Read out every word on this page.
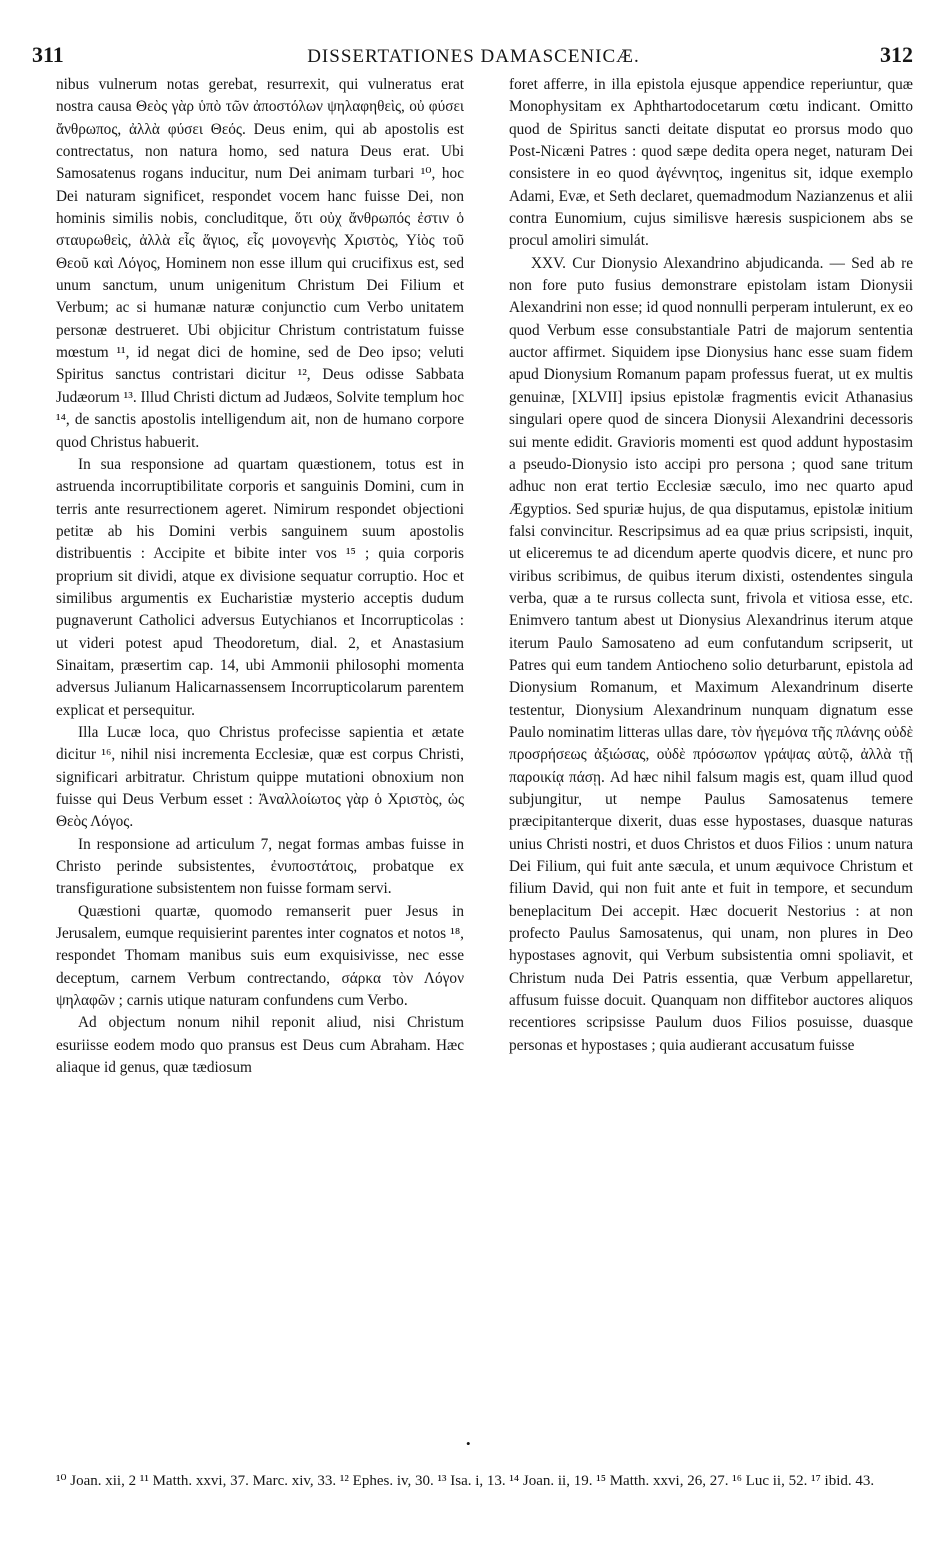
311	DISSERTATIONES DAMASCENICÆ.	312

nibus vulnerum notas gerebat, resurrexit, qui vulneratus erat nostra causa Θεὸς γὰρ ὑπὸ τῶν ἀποστόλων ψηλαφηθεὶς, οὐ φύσει ἄνθρωπος, ἀλλὰ φύσει Θεός. Deus enim, qui ab apostolis est contrectatus, non natura homo, sed natura Deus erat. Ubi Samosatenus rogans inducitur, num Dei animam turbari ¹⁰, hoc Dei naturam significet, respondet vocem hanc fuisse Dei, non hominis similis nobis, concluditque, ὅτι οὐχ ἄνθρωπός ἐστιν ὁ σταυρωθεὶς, ἀλλὰ εἷς ἅγιος, εἷς μονογενὴς Χριστὸς, Υἱὸς τοῦ Θεοῦ καὶ Λόγος, Hominem non esse illum qui crucifixus est, sed unum sanctum, unum unigenitum Christum Dei Filium et Verbum; ac si humanæ naturæ conjunctio cum Verbo unitatem personæ destrueret. Ubi objicitur Christum contristatum fuisse mœstum ¹¹, id negat dici de homine, sed de Deo ipso; veluti Spiritus sanctus contristari dicitur ¹², Deus odisse Sabbata Judæorum ¹³. Illud Christi dictum ad Judæos, Solvite templum hoc ¹⁴, de sanctis apostolis intelligendum ait, non de humano corpore quod Christus habuerit.

In sua responsione ad quartam quæstionem, totus est in astruenda incorruptibilitate corporis et sanguinis Domini, cum in terris ante resurrectionem ageret. Nimirum respondet objectioni petitæ ab his Domini verbis sanguinem suum apostolis distribuentis : Accipite et bibite inter vos ¹⁵ ; quia corporis proprium sit dividi, atque ex divisione sequatur corruptio. Hoc et similibus argumentis ex Eucharistiæ mysterio acceptis dudum pugnaverunt Catholici adversus Eutychianos et Incorrupticolas : ut videri potest apud Theodoretum, dial. 2, et Anastasium Sinaitam, præsertim cap. 14, ubi Ammonii philosophi momenta adversus Julianum Halicarnassensem Incorrupticolarum parentem explicat et persequitur.

Illa Lucæ loca, quo Christus profecisse sapientia et ætate dicitur ¹⁶, nihil nisi incrementa Ecclesiæ, quæ est corpus Christi, significari arbitratur. Christum quippe mutationi obnoxium non fuisse qui Deus Verbum esset : Ἀναλλοίωτος γὰρ ὁ Χριστὸς, ὡς Θεὸς Λόγος.

In responsione ad articulum 7, negat formas ambas fuisse in Christo perinde subsistentes, ἐνυποστάτοις, probatque ex transfiguratione subsistentem non fuisse formam servi.

Quæstioni quartæ, quomodo remanserit puer Jesus in Jerusalem, eumque requisierint parentes inter cognatos et notos ¹⁸, respondet Thomam manibus suis eum exquisivisse, nec esse deceptum, carnem Verbum contrectando, σάρκα τὸν Λόγον ψηλαφῶν ; carnis utique naturam confundens cum Verbo.

Ad objectum nonum nihil reponit aliud, nisi Christum esuriisse eodem modo quo pransus est Deus cum Abraham. Hæc aliaque id genus, quæ tædiosum

foret afferre, in illa epistola ejusque appendice reperiuntur, quæ Monophysitam ex Aphthartodocetarum cœtu indicant. Omitto quod de Spiritus sancti deitate disputat eo prorsus modo quo Post-Nicæni Patres : quod sæpe dedita opera neget, naturam Dei consistere in eo quod ἀγέννητος, ingenitus sit, idque exemplo Adami, Evæ, et Seth declaret, quemadmodum Nazianzenus et alii contra Eunomium, cujus similisve hæresis suspicionem abs se procul amoliri simulát.

XXV. Cur Dionysio Alexandrino abjudicanda. — Sed ab re non fore puto fusius demonstrare epistolam istam Dionysii Alexandrini non esse; id quod nonnulli perperam intulerunt, ex eo quod Verbum esse consubstantiale Patri de majorum sententia auctor affirmet. Siquidem ipse Dionysius hanc esse suam fidem apud Dionysium Romanum papam professus fuerat, ut ex multis genuinæ, [XLVII] ipsius epistolæ fragmentis evicit Athanasius singulari opere quod de sincera Dionysii Alexandrini decessoris sui mente edidit. Gravioris momenti est quod addunt hypostasim a pseudo-Dionysio isto accipi pro persona ; quod sane tritum adhuc non erat tertio Ecclesiæ sæculo, imo nec quarto apud Ægyptios. Sed spuriæ hujus, de qua disputamus, epistolæ initium falsi convincitur. Rescripsimus ad ea quæ prius scripsisti, inquit, ut eliceremus te ad dicendum aperte quodvis dicere, et nunc pro viribus scribimus, de quibus iterum dixisti, ostendentes singula verba, quæ a te rursus collecta sunt, frivola et vitiosa esse, etc. Enimvero tantum abest ut Dionysius Alexandrinus iterum atque iterum Paulo Samosateno ad eum confutandum scripserit, ut Patres qui eum tandem Antiocheno solio deturbarunt, epistola ad Dionysium Romanum, et Maximum Alexandrinum diserte testentur, Dionysium Alexandrinum nunquam dignatum esse Paulo nominatim litteras ullas dare, τὸν ἡγεμόνα τῆς πλάνης οὐδὲ προσρήσεως ἀξιώσας, οὐδὲ πρόσωπον γράψας αὐτῷ, ἀλλὰ τῇ παροικίᾳ πάσῃ. Ad hæc nihil falsum magis est, quam illud quod subjungitur, ut nempe Paulus Samosatenus temere præcipitanterque dixerit, duas esse hypostases, duasque naturas unius Christi nostri, et duos Christos et duos Filios : unum natura Dei Filium, qui fuit ante sæcula, et unum æquivoce Christum et filium David, qui non fuit ante et fuit in tempore, et secundum beneplacitum Dei accepit. Hæc docuerit Nestorius : at non profecto Paulus Samosatenus, qui unam, non plures in Deo hypostases agnovit, qui Verbum subsistentia omni spoliavit, et Christum nuda Dei Patris essentia, quæ Verbum appellaretur, affusum fuisse docuit. Quanquam non diffitebor auctores aliquos recentiores scripsisse Paulum duos Filios posuisse, duasque personas et hypostases ; quia audierant accusatum fuisse

•
¹⁰ Joan. xii, 2 ¹¹ Matth. xxvi, 37. Marc. xiv, 33. ¹² Ephes. iv, 30. ¹³ Isa. i, 13. ¹⁴ Joan. ii, 19. ¹⁵ Matth. xxvi, 26, 27. ¹⁶ Luc ii, 52. ¹⁷ ibid. 43.
